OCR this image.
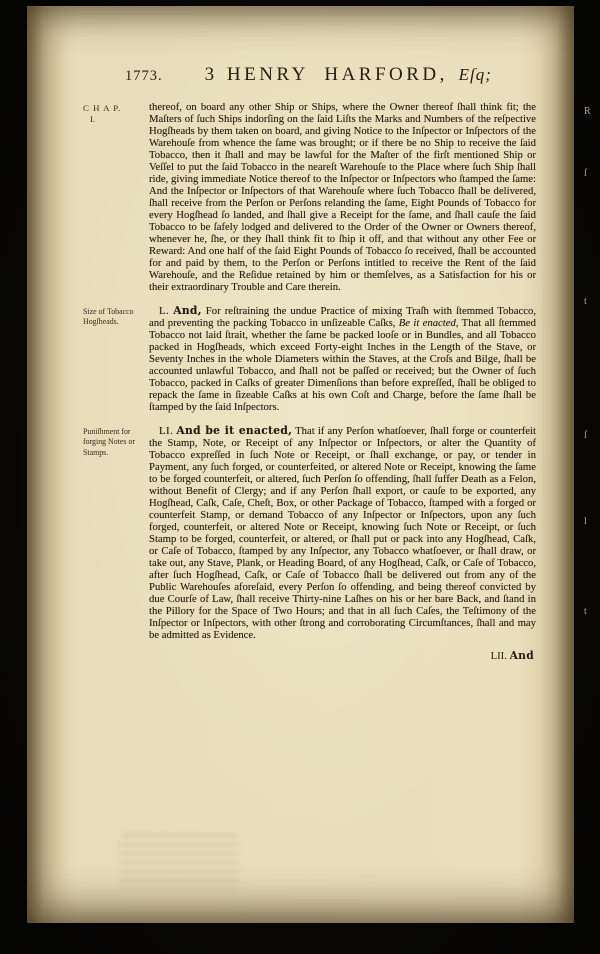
1773.	3 HENRY HARFORD, Eſq;
C H A P.
I.
thereof, on board any other Ship or Ships, where the Owner thereof ſhall think fit; the Maſters of ſuch Ships indorſing on the ſaid Liſts the Marks and Numbers of the reſpective Hogſheads by them taken on board, and giving Notice to the Inſpector or Inſpectors of the Warehouſe from whence the ſame was brought; or if there be no Ship to receive the ſaid Tobacco, then it ſhall and may be lawful for the Maſter of the firſt mentioned Ship or Veſſel to put the ſaid Tobacco in the neareſt Warehouſe to the Place where ſuch Ship ſhall ride, giving immediate Notice thereof to the Inſpector or Inſpectors who ſtamped the ſame: And the Inſpector or Inſpectors of that Warehouſe where ſuch Tobacco ſhall be delivered, ſhall receive from the Perſon or Perſons relanding the ſame, Eight Pounds of Tobacco for every Hogſhead ſo landed, and ſhall give a Receipt for the ſame, and ſhall cauſe the ſaid Tobacco to be ſafely lodged and delivered to the Order of the Owner or Owners thereof, whenever he, ſhe, or they ſhall think fit to ſhip it off, and that without any other Fee or Reward: And one half of the ſaid Eight Pounds of Tobacco ſo received, ſhall be accounted for and paid by them, to the Perſon or Perſons intitled to receive the Rent of the ſaid Warehouſe, and the Reſidue retained by him or themſelves, as a Satisfaction for his or their extraordinary Trouble and Care therein.
Size of Tobacco Hogſheads.
L. And, For reſtraining the undue Practice of mixing Traſh with ſtemmed Tobacco, and preventing the packing Tobacco in unſizeable Caſks, Be it enacted, That all ſtemmed Tobacco not laid ſtrait, whether the ſame be packed looſe or in Bundles, and all Tobacco packed in Hogſheads, which exceed Forty-eight Inches in the Length of the Stave, or Seventy Inches in the whole Diameters within the Staves, at the Croſs and Bilge, ſhall be accounted unlawful Tobacco, and ſhall not be paſſed or received; but the Owner of ſuch Tobacco, packed in Caſks of greater Dimenſions than before expreſſed, ſhall be obliged to repack the ſame in ſizeable Caſks at his own Coſt and Charge, before the ſame ſhall be ſtamped by the ſaid Inſpectors.
Puniſhment for forging Notes or Stamps.
LI. And be it enacted, That if any Perſon whatſoever, ſhall forge or counterfeit the Stamp, Note, or Receipt of any Inſpector or Inſpectors, or alter the Quantity of Tobacco expreſſed in ſuch Note or Receipt, or ſhall exchange, or pay, or tender in Payment, any ſuch forged, or counterfeited, or altered Note or Receipt, knowing the ſame to be forged counterfeit, or altered, ſuch Perſon ſo offending, ſhall ſuffer Death as a Felon, without Benefit of Clergy; and if any Perſon ſhall export, or cauſe to be exported, any Hogſhead, Caſk, Caſe, Cheſt, Box, or other Package of Tobacco, ſtamped with a forged or counterfeit Stamp, or demand Tobacco of any Inſpector or Inſpectors, upon any ſuch forged, counterfeit, or altered Note or Receipt, knowing ſuch Note or Receipt, or ſuch Stamp to be forged, counterfeit, or altered, or ſhall put or pack into any Hogſhead, Caſk, or Caſe of Tobacco, ſtamped by any Inſpector, any Tobacco whatſoever, or ſhall draw, or take out, any Stave, Plank, or Heading Board, of any Hogſhead, Caſk, or Caſe of Tobacco, after ſuch Hogſhead, Caſk, or Caſe of Tobacco ſhall be delivered out from any of the Public Warehouſes aforeſaid, every Perſon ſo offending, and being thereof convicted by due Courſe of Law, ſhall receive Thirty-nine Laſhes on his or her bare Back, and ſtand in the Pillory for the Space of Two Hours; and that in all ſuch Caſes, the Teſtimony of the Inſpector or Inſpectors, with other ſtrong and corroborating Circumſtances, ſhall and may be admitted as Evidence.
LII. And
R
ſ
t
ſ
l
t
